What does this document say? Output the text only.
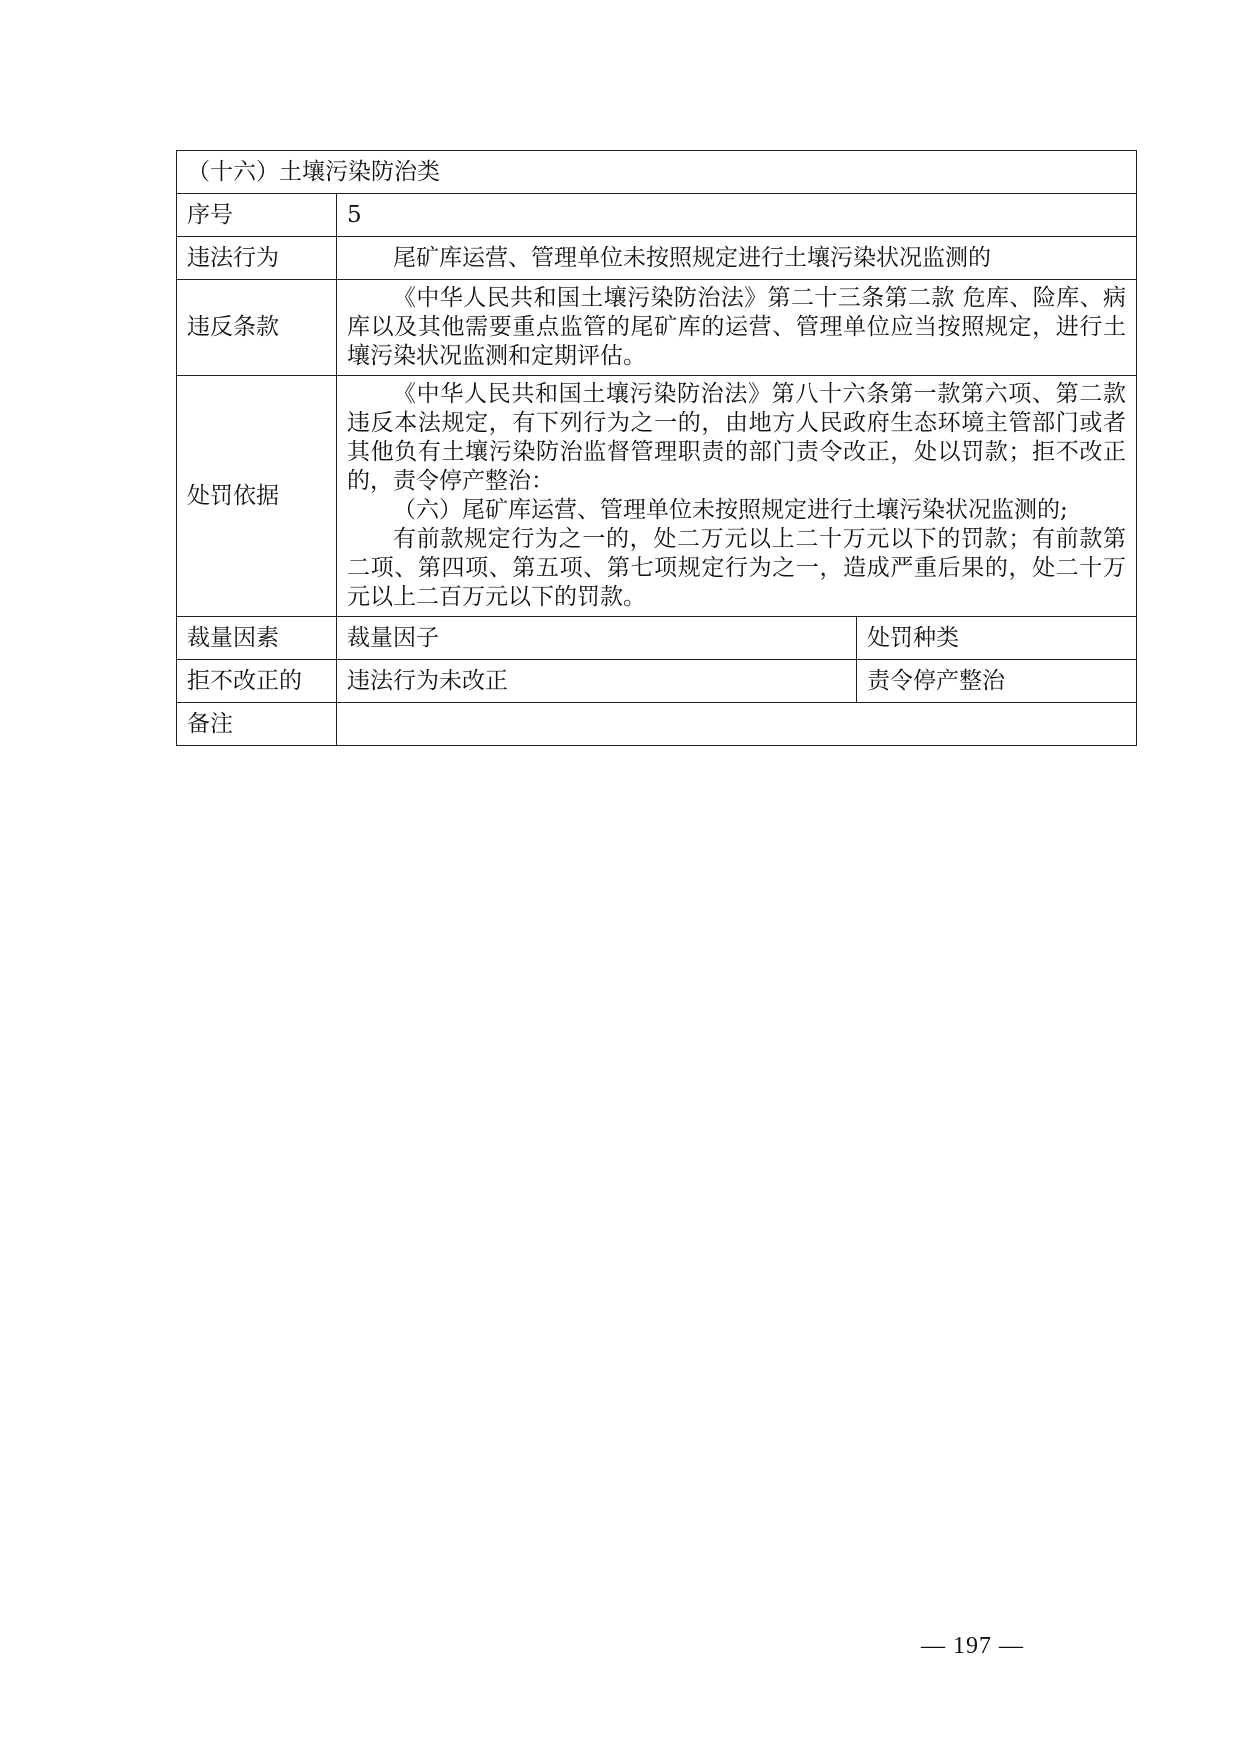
（十六）土壤污染防治类		
序号	5	
违法行为	尾矿库运营、管理单位未按照规定进行土壤污染状况监测的	

违反条款	《中华人民共和国土壤污染防治法》第二十三条第二款 危库、险库、病库以及其他需要重点监管的尾矿库的运营、管理单位应当按照规定，进行土壤污染状况监测和定期评估。	

处罚依据	《中华人民共和国土壤污染防治法》第八十六条第一款第六项、第二款 违反本法规定，有下列行为之一的，由地方人民政府生态环境主管部门或者其他负有土壤污染防治监督管理职责的部门责令改正，处以罚款；拒不改正的，责令停产整治：

（六）尾矿库运营、管理单位未按照规定进行土壤污染状况监测的;

有前款规定行为之一的，处二万元以上二十万元以下的罚款；有前款第二项、第四项、第五项、第七项规定行为之一，造成严重后果的，处二十万元以上二百万元以下的罚款。	

裁量因素	裁量因子	处罚种类
拒不改正的	违法行为未改正	责令停产整治
备注		
— 197 —
